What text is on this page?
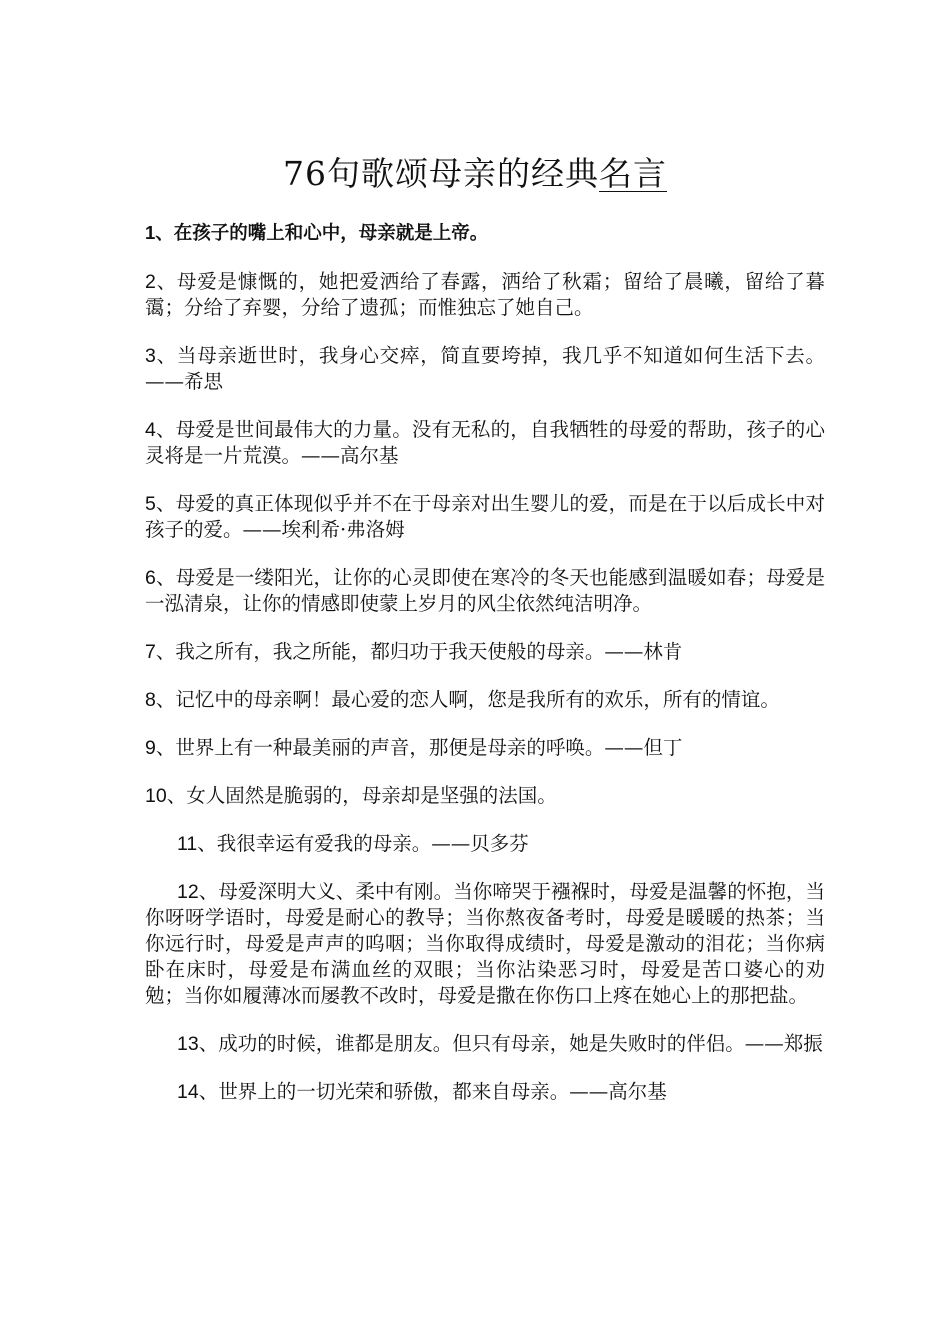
76句歌颂母亲的经典名言

1、在孩子的嘴上和心中，母亲就是上帝。

2、母爱是慷慨的，她把爱洒给了春露，洒给了秋霜；留给了晨曦，留给了暮霭；分给了弃婴，分给了遗孤；而惟独忘了她自己。

3、当母亲逝世时，我身心交瘁，简直要垮掉，我几乎不知道如何生活下去。——希思

4、母爱是世间最伟大的力量。没有无私的，自我牺牲的母爱的帮助，孩子的心灵将是一片荒漠。——高尔基

5、母爱的真正体现似乎并不在于母亲对出生婴儿的爱，而是在于以后成长中对孩子的爱。——埃利希·弗洛姆

6、母爱是一缕阳光，让你的心灵即使在寒冷的冬天也能感到温暖如春；母爱是一泓清泉，让你的情感即使蒙上岁月的风尘依然纯洁明净。

7、我之所有，我之所能，都归功于我天使般的母亲。——林肯

8、记忆中的母亲啊！最心爱的恋人啊，您是我所有的欢乐，所有的情谊。

9、世界上有一种最美丽的声音，那便是母亲的呼唤。——但丁

10、女人固然是脆弱的，母亲却是坚强的法国。

11、我很幸运有爱我的母亲。——贝多芬

12、母爱深明大义、柔中有刚。当你啼哭于襁褓时，母爱是温馨的怀抱，当你呀呀学语时，母爱是耐心的教导；当你熬夜备考时，母爱是暖暖的热茶；当你远行时，母爱是声声的呜咽；当你取得成绩时，母爱是激动的泪花；当你病卧在床时，母爱是布满血丝的双眼；当你沾染恶习时，母爱是苦口婆心的劝勉；当你如履薄冰而屡教不改时，母爱是撒在你伤口上疼在她心上的那把盐。

13、成功的时候，谁都是朋友。但只有母亲，她是失败时的伴侣。——郑振

14、世界上的一切光荣和骄傲，都来自母亲。——高尔基
